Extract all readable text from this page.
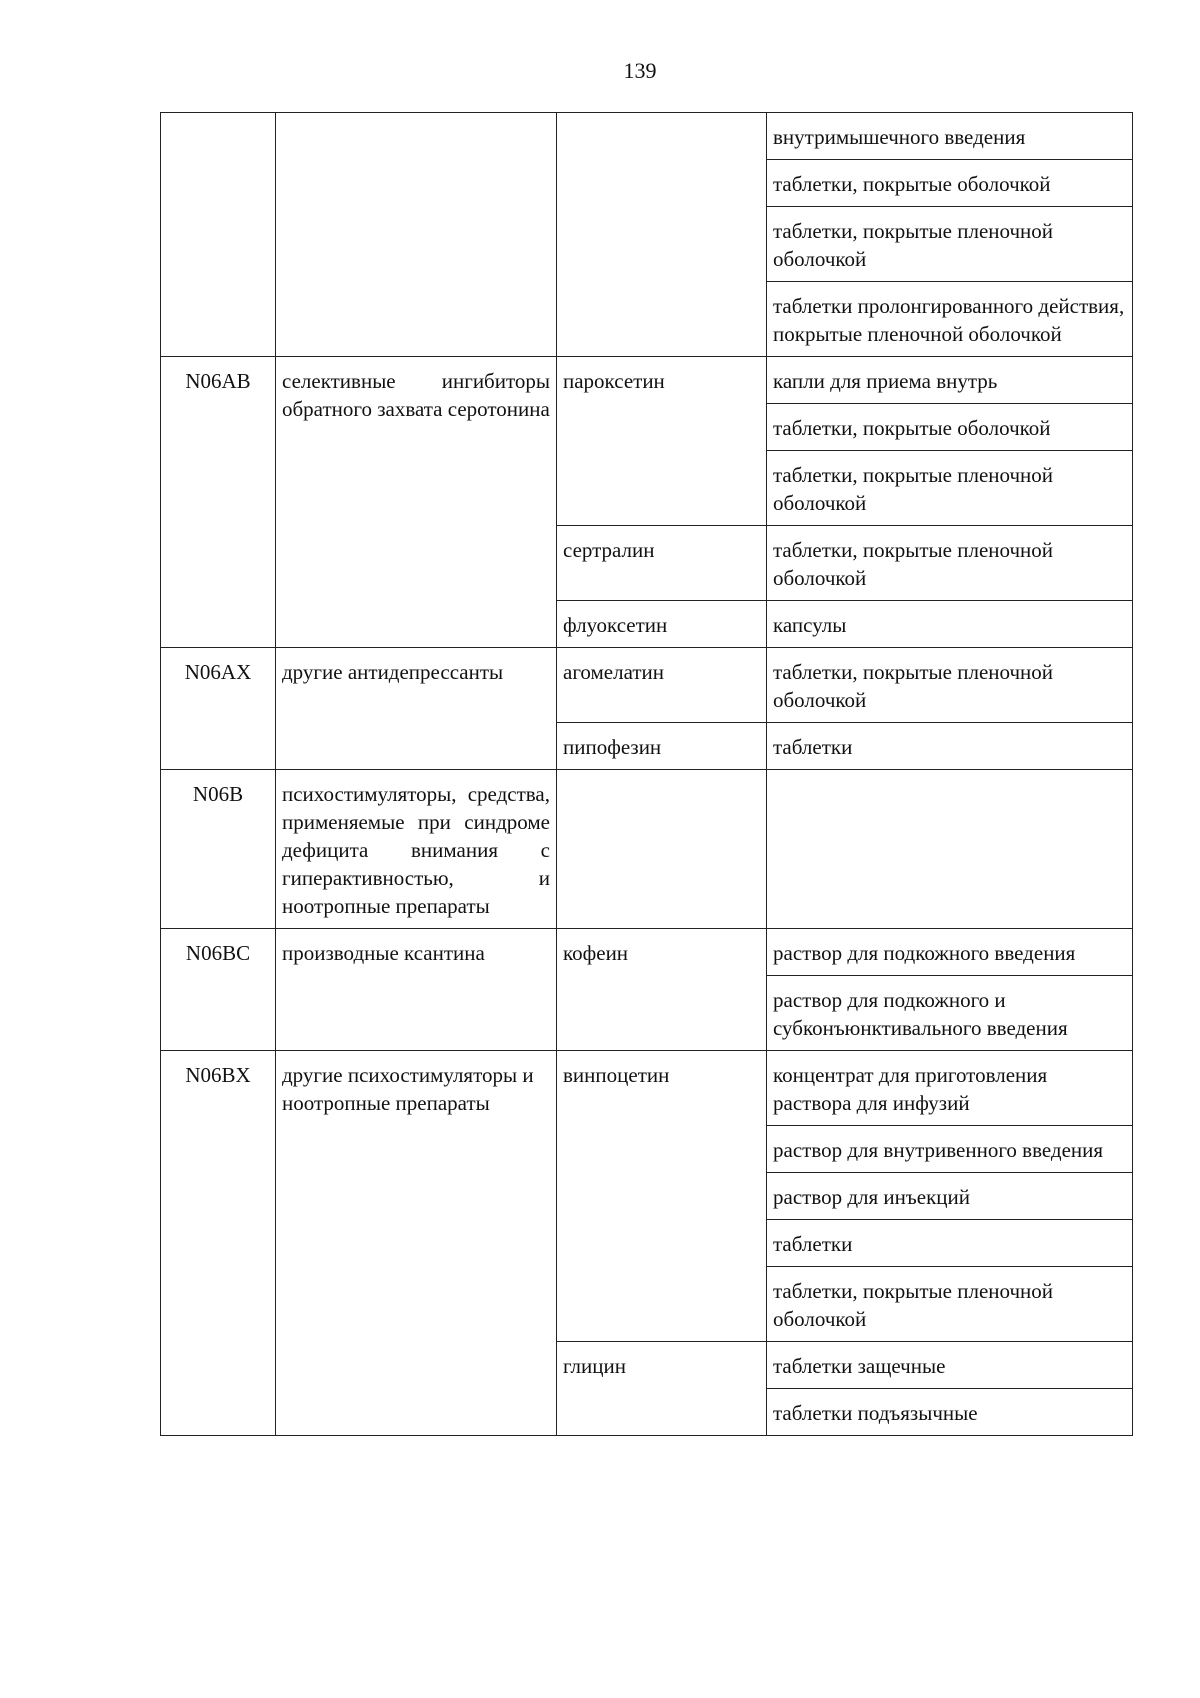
139
			внутримышечного введения
			таблетки, покрытые оболочкой
			таблетки, покрытые пленочной оболочкой
			таблетки пролонгированного действия, покрытые пленочной оболочкой
N06AB	селективные ингибиторы обратного захвата серотонина	пароксетин	капли для приема внутрь
			таблетки, покрытые оболочкой
			таблетки, покрытые пленочной оболочкой
		сертралин	таблетки, покрытые пленочной оболочкой
		флуоксетин	капсулы
N06AX	другие антидепрессанты	агомелатин	таблетки, покрытые пленочной оболочкой
		пипофезин	таблетки
N06B	психостимуляторы, средства, применяемые при синдроме дефицита внимания с гиперактивностью, и ноотропные препараты		
N06BC	производные ксантина	кофеин	раствор для подкожного введения
			раствор для подкожного и субконъюнктивального введения
N06BX	другие психостимуляторы и ноотропные препараты	винпоцетин	концентрат для приготовления раствора для инфузий
			раствор для внутривенного введения
			раствор для инъекций
			таблетки
			таблетки, покрытые пленочной оболочкой
		глицин	таблетки защечные
			таблетки подъязычные
